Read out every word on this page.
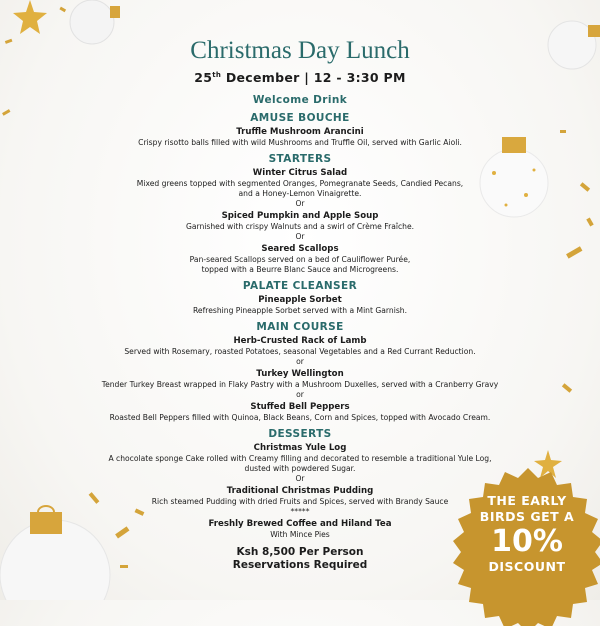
Christmas Day Lunch
25th December | 12 - 3:30 PM
Welcome Drink
AMUSE BOUCHE
Truffle Mushroom Arancini
Crispy risotto balls filled with wild Mushrooms and Truffle Oil, served with Garlic Aioli.
STARTERS
Winter Citrus Salad
Mixed greens topped with segmented Oranges, Pomegranate Seeds, Candied Pecans,
and a Honey-Lemon Vinaigrette.
Or
Spiced Pumpkin and Apple Soup
Garnished with crispy Walnuts and a swirl of Crème Fraîche.
Or
Seared Scallops
Pan-seared Scallops served on a bed of Cauliflower Purée,
topped with a Beurre Blanc Sauce and Microgreens.
PALATE CLEANSER
Pineapple Sorbet
Refreshing Pineapple Sorbet served with a Mint Garnish.
MAIN COURSE
Herb-Crusted Rack of Lamb
Served with Rosemary, roasted Potatoes, seasonal Vegetables and a Red Currant Reduction.
or
Turkey Wellington
Tender Turkey Breast wrapped in Flaky Pastry with a Mushroom Duxelles, served with a Cranberry Gravy
or
Stuffed Bell Peppers
Roasted Bell Peppers filled with Quinoa, Black Beans, Corn and Spices, topped with Avocado Cream.
DESSERTS
Christmas Yule Log
A chocolate sponge Cake rolled with Creamy filling and decorated to resemble a traditional Yule Log,
dusted with powdered Sugar.
Or
Traditional Christmas Pudding
Rich steamed Pudding with dried Fruits and Spices, served with Brandy Sauce
*****
Freshly Brewed Coffee and Hiland Tea
With Mince Pies
Ksh 8,500 Per Person
Reservations Required
THE EARLY
BIRDS GET A
10%
DISCOUNT
